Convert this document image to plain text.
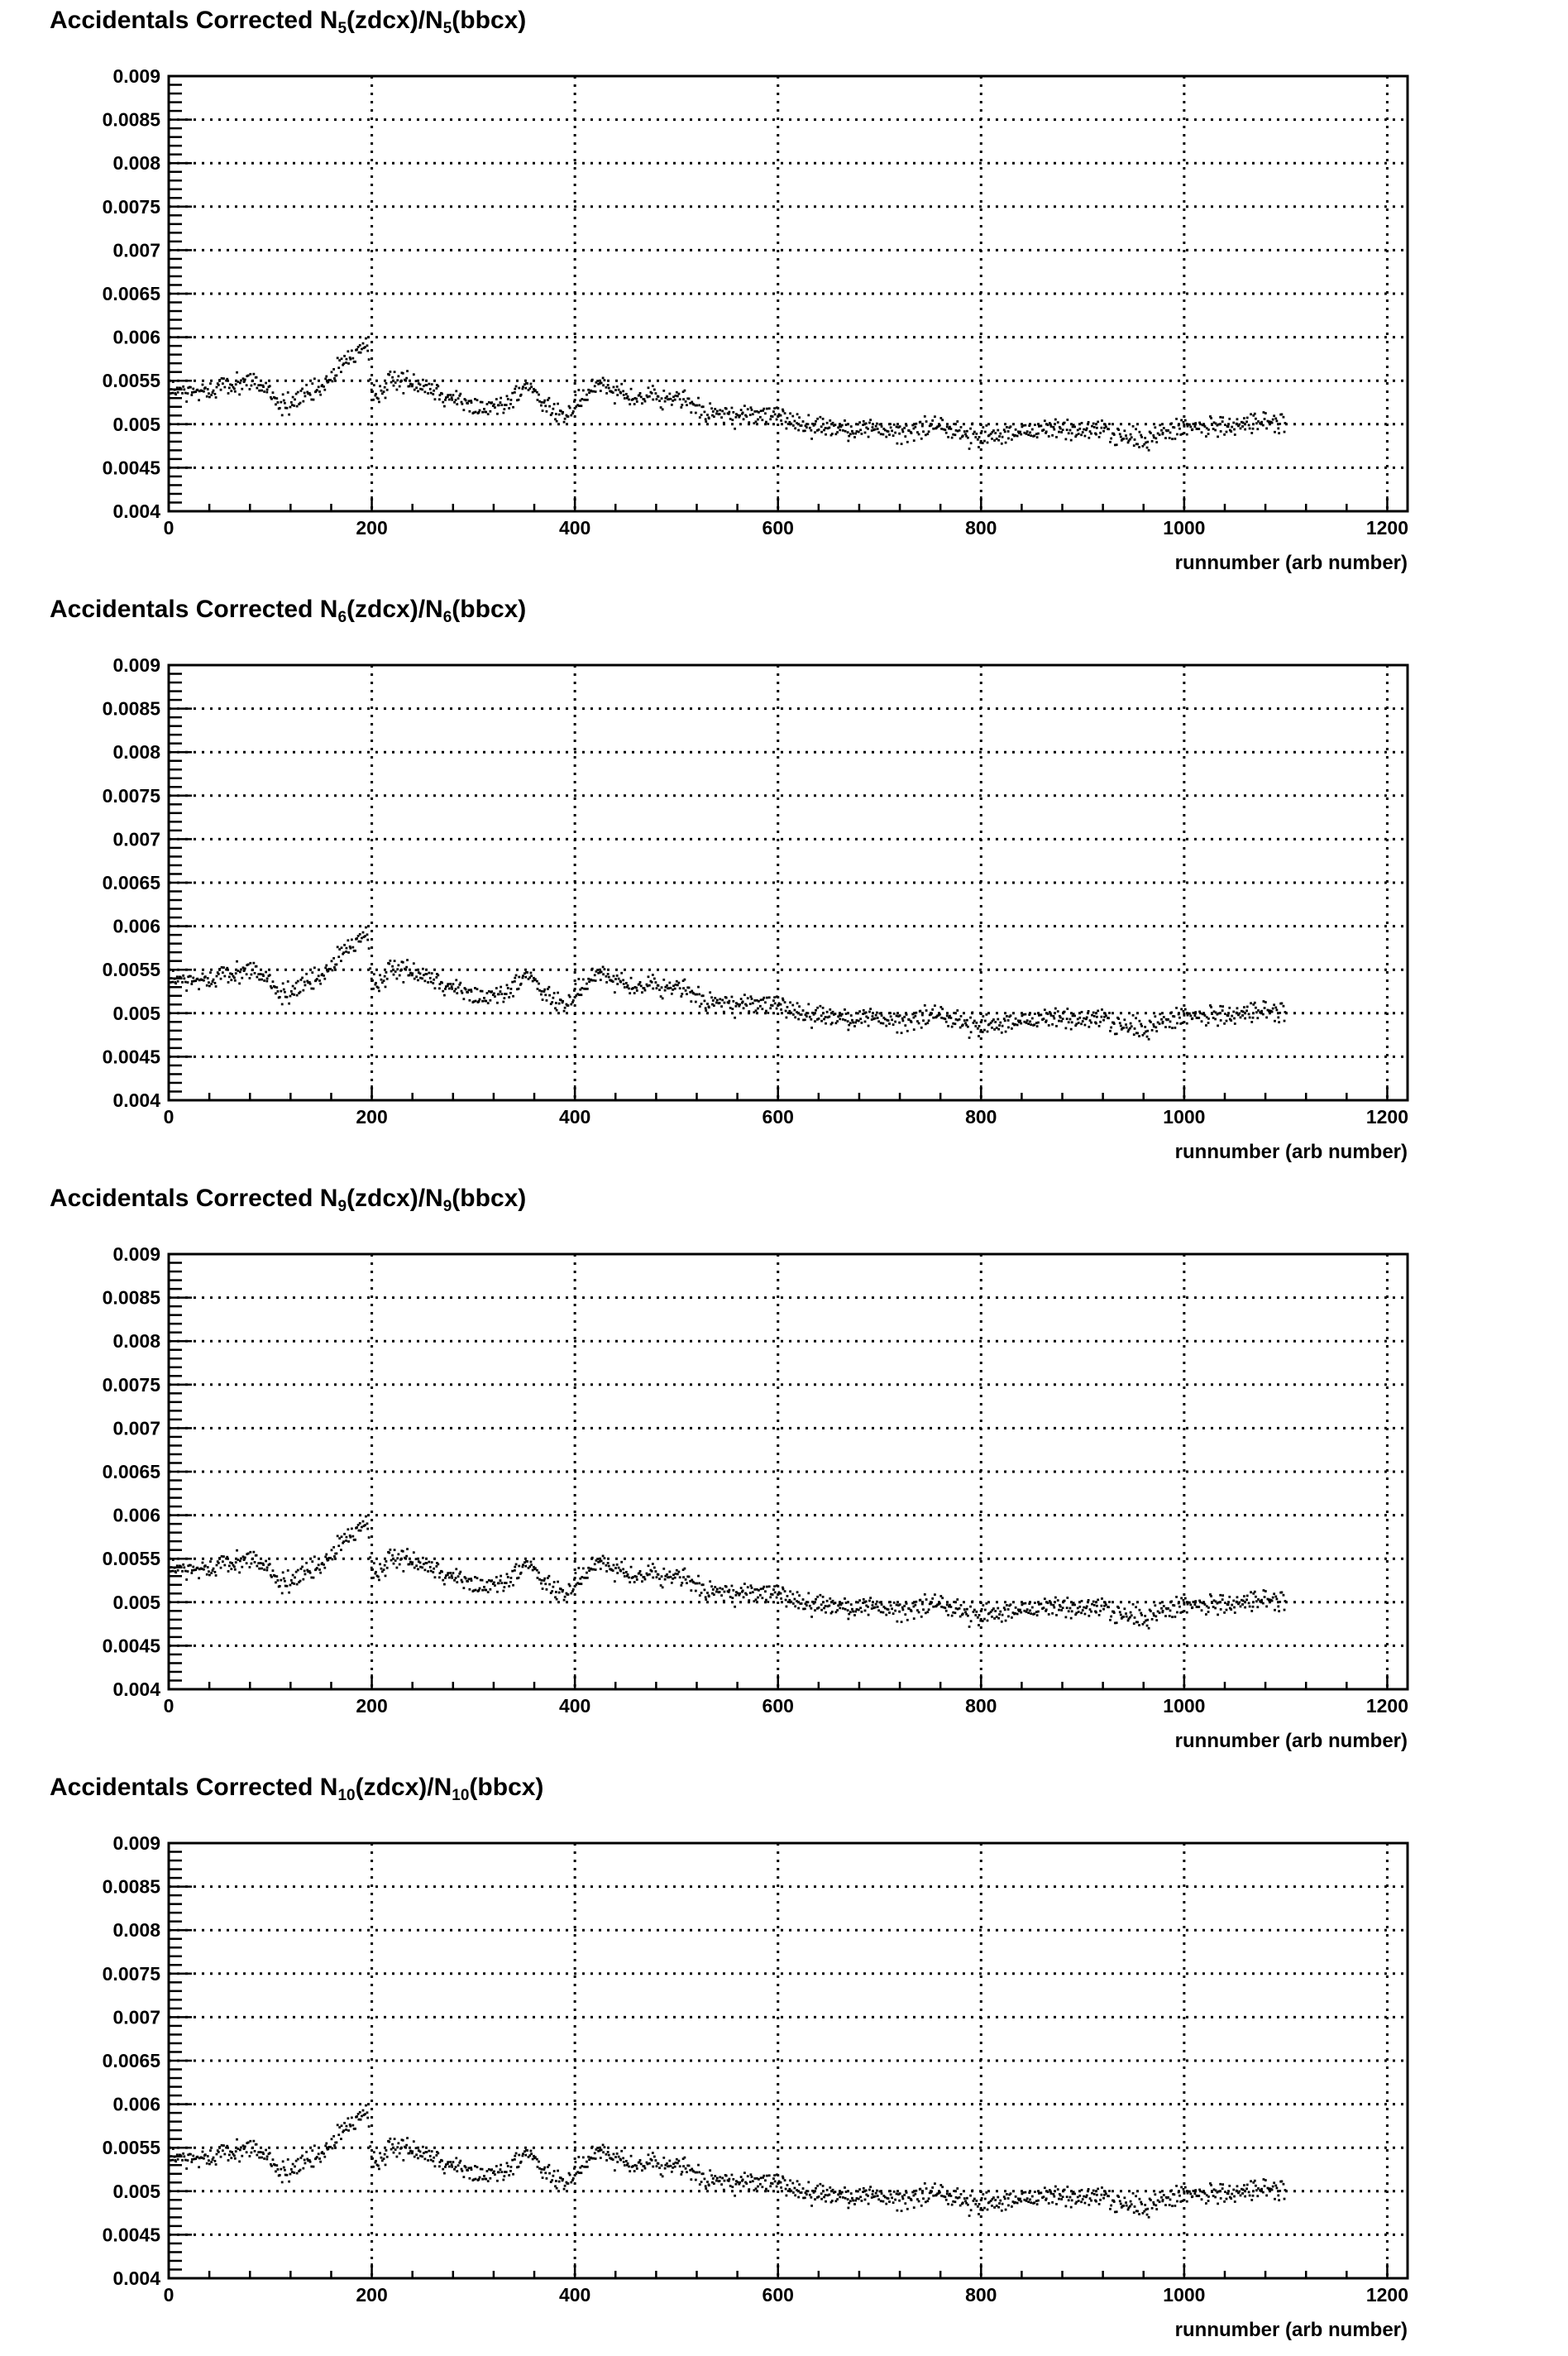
Accidentals Corrected $N_5(zdcx)/N_5(bbcx)$
0.004
0.0045
0.005
0.0055
0.006
0.0065
0.007
0.0075
0.008
0.0085
0.009
0	200	400	600	800	1000	1200
runnumber (arb number)
Accidentals Corrected $N_6(zdcx)/N_6(bbcx)$
0.004
0.0045
0.005
0.0055
0.006
0.0065
0.007
0.0075
0.008
0.0085
0.009
0	200	400	600	800	1000	1200
runnumber (arb number)
Accidentals Corrected $N_9(zdcx)/N_9(bbcx)$
0.004
0.0045
0.005
0.0055
0.006
0.0065
0.007
0.0075
0.008
0.0085
0.009
0	200	400	600	800	1000	1200
runnumber (arb number)
Accidentals Corrected $N_{10}(zdcx)/N_{10}(bbcx)$
0.004
0.0045
0.005
0.0055
0.006
0.0065
0.007
0.0075
0.008
0.0085
0.009
0	200	400	600	800	1000	1200
runnumber (arb number)
